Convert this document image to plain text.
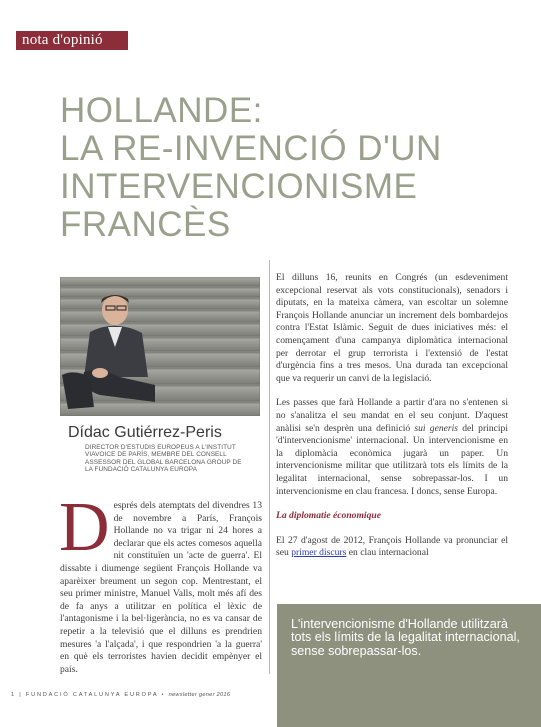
nota d'opinió
HOLLANDE:
LA RE-INVENCIÓ D'UN
INTERVENCIONISME
FRANCÈS
Dídac Gutiérrez-Peris
DIRECTOR D'ESTUDIS EUROPEUS A L'INSTITUT
VIAVOICE DE PARÍS, MEMBRE DEL CONSELL
ASSESSOR DEL GLOBAL BARCELONA GROUP DE
LA FUNDACIÓ CATALUNYA EUROPA
Després dels atemptats del divendres 13 de novembre a París, François Hollande no va trigar ni 24 hores a declarar que els actes comesos aquella nit constituïen un 'acte de guerra'. El dissabte i diumenge següent François Hollande va aparèixer breument un segon cop. Mentrestant, el seu primer ministre, Manuel Valls, molt més afí des de fa anys a utilitzar en política el lèxic de l'antagonisme i la bel·ligerància, no es va cansar de repetir a la televisió que el dilluns es prendrien mesures 'a l'alçada', i que respondrien 'a la guerra' en què els terroristes havien decidit empènyer el país.

El dilluns 16, reunits en Congrés (un esdeveniment excepcional reservat als vots constitucionals), senadors i diputats, en la mateixa càmera, van escoltar un solemne François Hollande anunciar un increment dels bombardejos contra l'Estat Islàmic. Seguit de dues iniciatives més: el començament d'una campanya diplomàtica internacional per derrotar el grup terrorista i l'extensió de l'estat d'urgència fins a tres mesos. Una durada tan excepcional que va requerir un canvi de la legislació.

Les passes que farà Hollande a partir d'ara no s'entenen si no s'analitza el seu mandat en el seu conjunt. D'aquest anàlisi se'n desprèn una definició sui generis del principi 'd'intervencionisme' internacional. Un intervencionisme en la diplomàcia econòmica jugarà un paper. Un intervencionisme militar que utilitzarà tots els límits de la legalitat internacional, sense sobrepassar-los. I un intervencionisme en clau francesa. I doncs, sense Europa.

La diplomatie économique

El 27 d'agost de 2012, François Hollande va pronunciar el seu primer discurs en clau internacional

L'intervencionisme d'Hollande utilitzarà tots els límits de la legalitat internacional, sense sobrepassar-los.
1 | FUNDACIÓ CATALUNYA EUROPA • newsletter gener 2016
